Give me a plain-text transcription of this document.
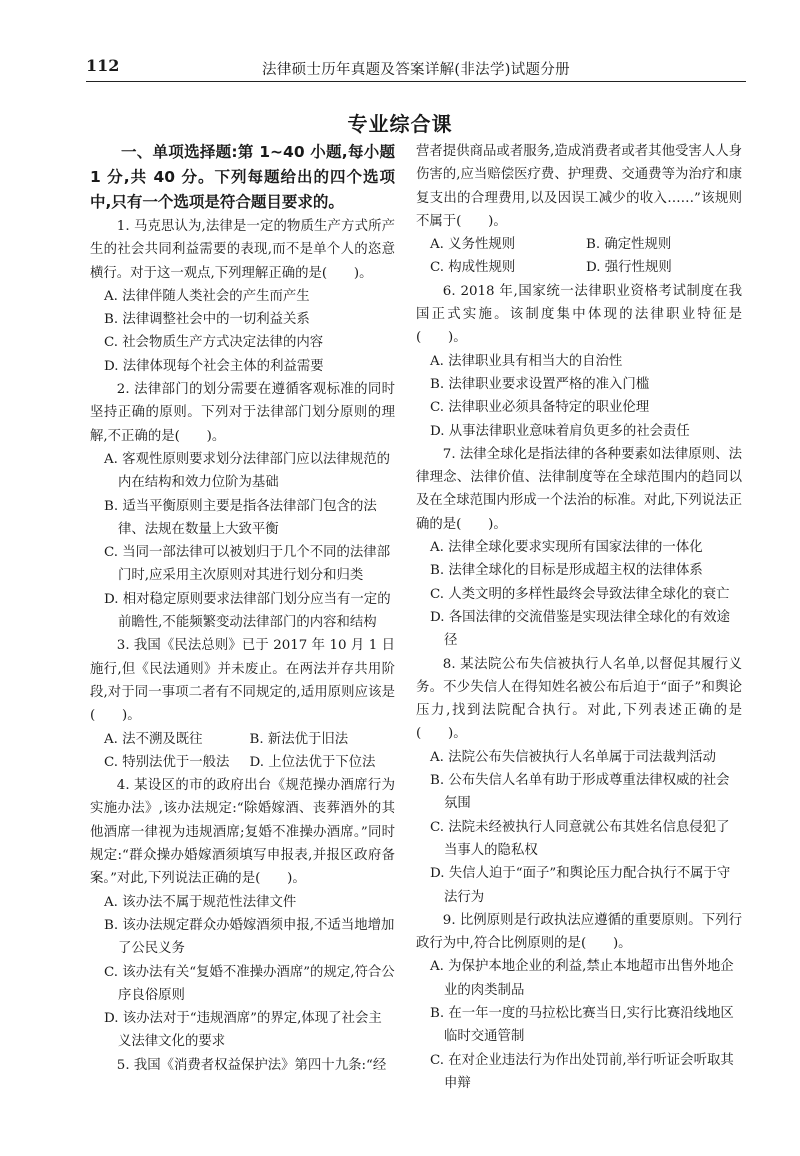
112	法律硕士历年真题及答案详解(非法学)试题分册
专业综合课

一、单项选择题:第 1~40 小题,每小题 1 分,共 40 分。下列每题给出的四个选项中,只有一个选项是符合题目要求的。

1. 马克思认为,法律是一定的物质生产方式所产生的社会共同利益需要的表现,而不是单个人的恣意横行。对于这一观点,下列理解正确的是(　　)。

A. 法律伴随人类社会的产生而产生

B. 法律调整社会中的一切利益关系

C. 社会物质生产方式决定法律的内容

D. 法律体现每个社会主体的利益需要

2. 法律部门的划分需要在遵循客观标准的同时坚持正确的原则。下列对于法律部门划分原则的理解,不正确的是(　　)。

A. 客观性原则要求划分法律部门应以法律规范的内在结构和效力位阶为基础

B. 适当平衡原则主要是指各法律部门包含的法律、法规在数量上大致平衡

C. 当同一部法律可以被划归于几个不同的法律部门时,应采用主次原则对其进行划分和归类

D. 相对稳定原则要求法律部门划分应当有一定的前瞻性,不能频繁变动法律部门的内容和结构

3. 我国《民法总则》已于 2017 年 10 月 1 日施行,但《民法通则》并未废止。在两法并存共用阶段,对于同一事项二者有不同规定的,适用原则应该是(　　)。

A. 法不溯及既往	B. 新法优于旧法
C. 特别法优于一般法	D. 上位法优于下位法

4. 某设区的市的政府出台《规范操办酒席行为实施办法》,该办法规定:“除婚嫁酒、丧葬酒外的其他酒席一律视为违规酒席;复婚不准操办酒席。”同时规定:“群众操办婚嫁酒须填写申报表,并报区政府备案。”对此,下列说法正确的是(　　)。

A. 该办法不属于规范性法律文件

B. 该办法规定群众办婚嫁酒须申报,不适当地增加了公民义务

C. 该办法有关“复婚不准操办酒席”的规定,符合公序良俗原则

D. 该办法对于“违规酒席”的界定,体现了社会主义法律文化的要求

5. 我国《消费者权益保护法》第四十九条:“经

营者提供商品或者服务,造成消费者或者其他受害人人身伤害的,应当赔偿医疗费、护理费、交通费等为治疗和康复支出的合理费用,以及因误工减少的收入……”该规则不属于(　　)。

A. 义务性规则	B. 确定性规则
C. 构成性规则	D. 强行性规则

6. 2018 年,国家统一法律职业资格考试制度在我国正式实施。该制度集中体现的法律职业特征是(　　)。

A. 法律职业具有相当大的自治性

B. 法律职业要求设置严格的准入门槛

C. 法律职业必须具备特定的职业伦理

D. 从事法律职业意味着肩负更多的社会责任

7. 法律全球化是指法律的各种要素如法律原则、法律理念、法律价值、法律制度等在全球范围内的趋同以及在全球范围内形成一个法治的标准。对此,下列说法正确的是(　　)。

A. 法律全球化要求实现所有国家法律的一体化

B. 法律全球化的目标是形成超主权的法律体系

C. 人类文明的多样性最终会导致法律全球化的衰亡

D. 各国法律的交流借鉴是实现法律全球化的有效途径

8. 某法院公布失信被执行人名单,以督促其履行义务。不少失信人在得知姓名被公布后迫于“面子”和舆论压力,找到法院配合执行。对此,下列表述正确的是(　　)。

A. 法院公布失信被执行人名单属于司法裁判活动

B. 公布失信人名单有助于形成尊重法律权威的社会氛围

C. 法院未经被执行人同意就公布其姓名信息侵犯了当事人的隐私权

D. 失信人迫于“面子”和舆论压力配合执行不属于守法行为

9. 比例原则是行政执法应遵循的重要原则。下列行政行为中,符合比例原则的是(　　)。

A. 为保护本地企业的利益,禁止本地超市出售外地企业的肉类制品

B. 在一年一度的马拉松比赛当日,实行比赛沿线地区临时交通管制

C. 在对企业违法行为作出处罚前,举行听证会听取其申辩
